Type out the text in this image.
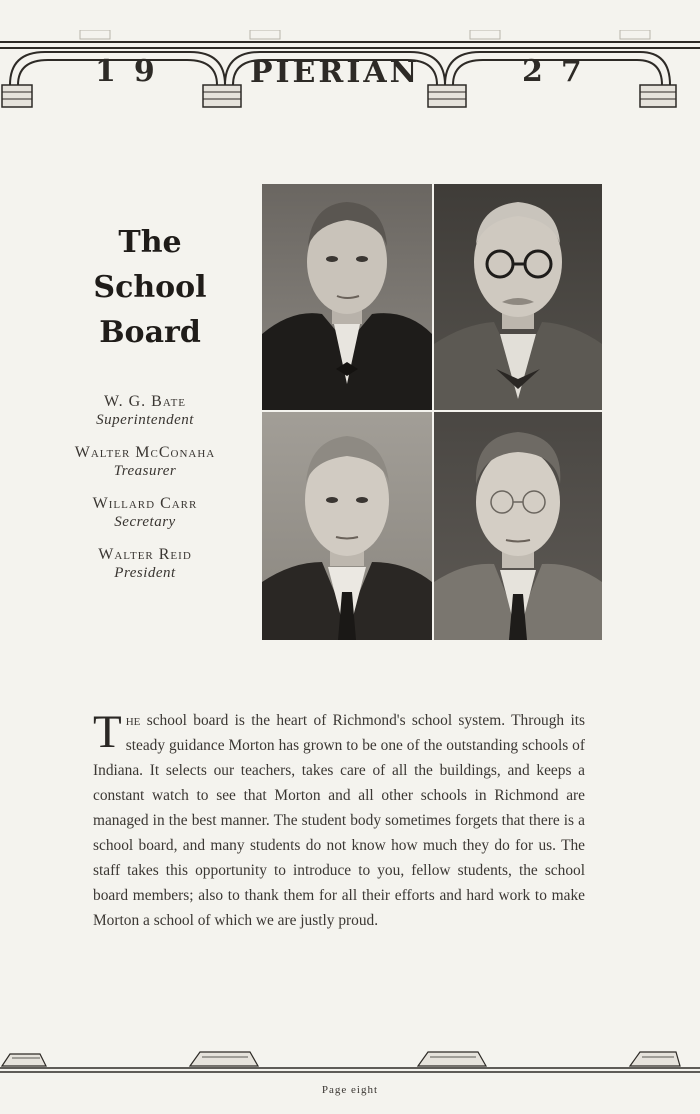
19	PIERIAN	27
The
School
Board
W. G. Bate
Superintendent
Walter McConaha
Treasurer
Willard Carr
Secretary
Walter Reid
President
The school board is the heart of Richmond's school system. Through its steady guidance Morton has grown to be one of the outstanding schools of Indiana. It selects our teachers, takes care of all the buildings, and keeps a constant watch to see that Morton and all other schools in Richmond are managed in the best manner. The student body sometimes forgets that there is a school board, and many students do not know how much they do for us. The staff takes this opportunity to introduce to you, fellow students, the school board members; also to thank them for all their efforts and hard work to make Morton a school of which we are justly proud.
Page eight
